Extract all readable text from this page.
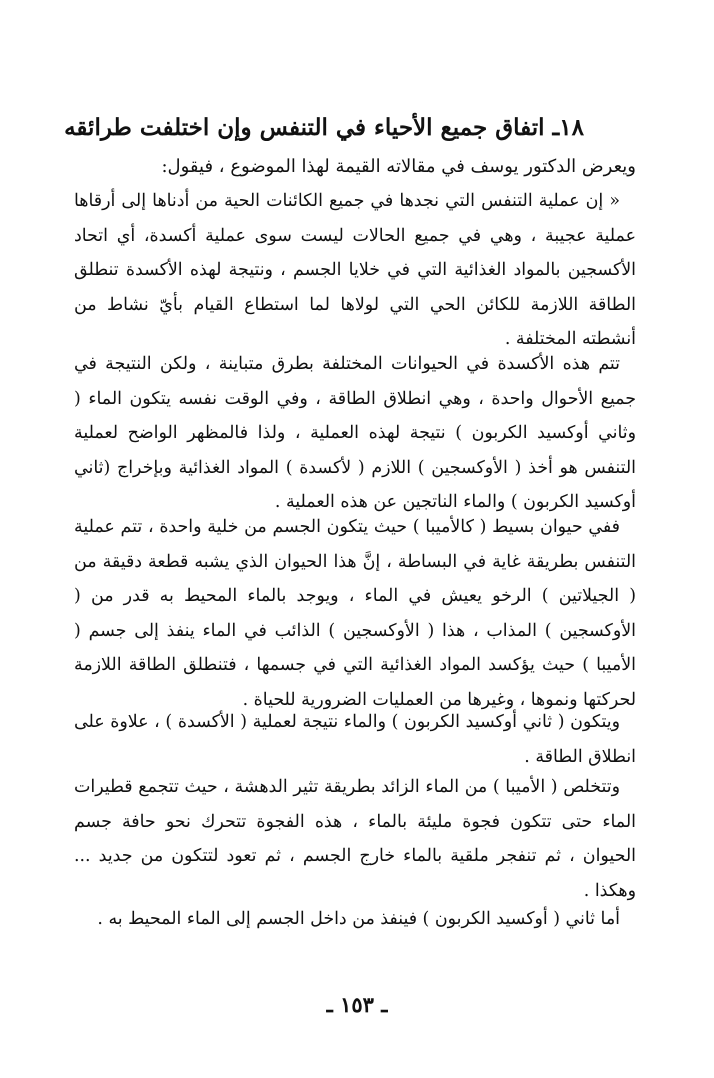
١٨ـ اتفاق جميع الأحياء في التنفس وإن اختلفت طرائقه

ويعرض الدكتور يوسف في مقالاته القيمة لهذا الموضوع ، فيقول:

« إن عملية التنفس التي نجدها في جميع الكائنات الحية من أدناها إلى أرقاها عملية عجيبة ، وهي في جميع الحالات ليست سوى عملية أكسدة، أي اتحاد الأكسجين بالمواد الغذائية التي في خلايا الجسم ، ونتيجة لهذه الأكسدة تنطلق الطاقة اللازمة للكائن الحي التي لولاها لما استطاع القيام بأيّ نشاط من أنشطته المختلفة .

تتم هذه الأكسدة في الحيوانات المختلفة بطرق متباينة ، ولكن النتيجة في جميع الأحوال واحدة ، وهي انطلاق الطاقة ، وفي الوقت نفسه يتكون الماء ( وثاني أوكسيد الكربون ) نتيجة لهذه العملية ، ولذا فالمظهر الواضح لعملية التنفس هو أخذ ( الأوكسجين ) اللازم ( لأكسدة ) المواد الغذائية وبإخراج (ثاني أوكسيد الكربون ) والماء الناتجين عن هذه العملية .

ففي حيوان بسيط ( كالأميبا ) حيث يتكون الجسم من خلية واحدة ، تتم عملية التنفس بطريقة غاية في البساطة ، إنَّ هذا الحيوان الذي يشبه قطعة دقيقة من ( الجيلاتين ) الرخو يعيش في الماء ، ويوجد بالماء المحيط به قدر من ( الأوكسجين ) المذاب ، هذا ( الأوكسجين ) الذائب في الماء ينفذ إلى جسم ( الأميبا ) حيث يؤكسد المواد الغذائية التي في جسمها ، فتنطلق الطاقة اللازمة لحركتها ونموها ، وغيرها من العمليات الضرورية للحياة .

ويتكون ( ثاني أوكسيد الكربون ) والماء نتيجة لعملية ( الأكسدة ) ، علاوة على انطلاق الطاقة .

وتتخلص ( الأميبا ) من الماء الزائد بطريقة تثير الدهشة ، حيث تتجمع قطيرات الماء حتى تتكون فجوة مليئة بالماء ، هذه الفجوة تتحرك نحو حافة جسم الحيوان ، ثم تنفجر ملقية بالماء خارج الجسم ، ثم تعود لتتكون من جديد ... وهكذا .

أما ثاني ( أوكسيد الكربون ) فينفذ من داخل الجسم إلى الماء المحيط به .

ـ ١٥٣ ـ
